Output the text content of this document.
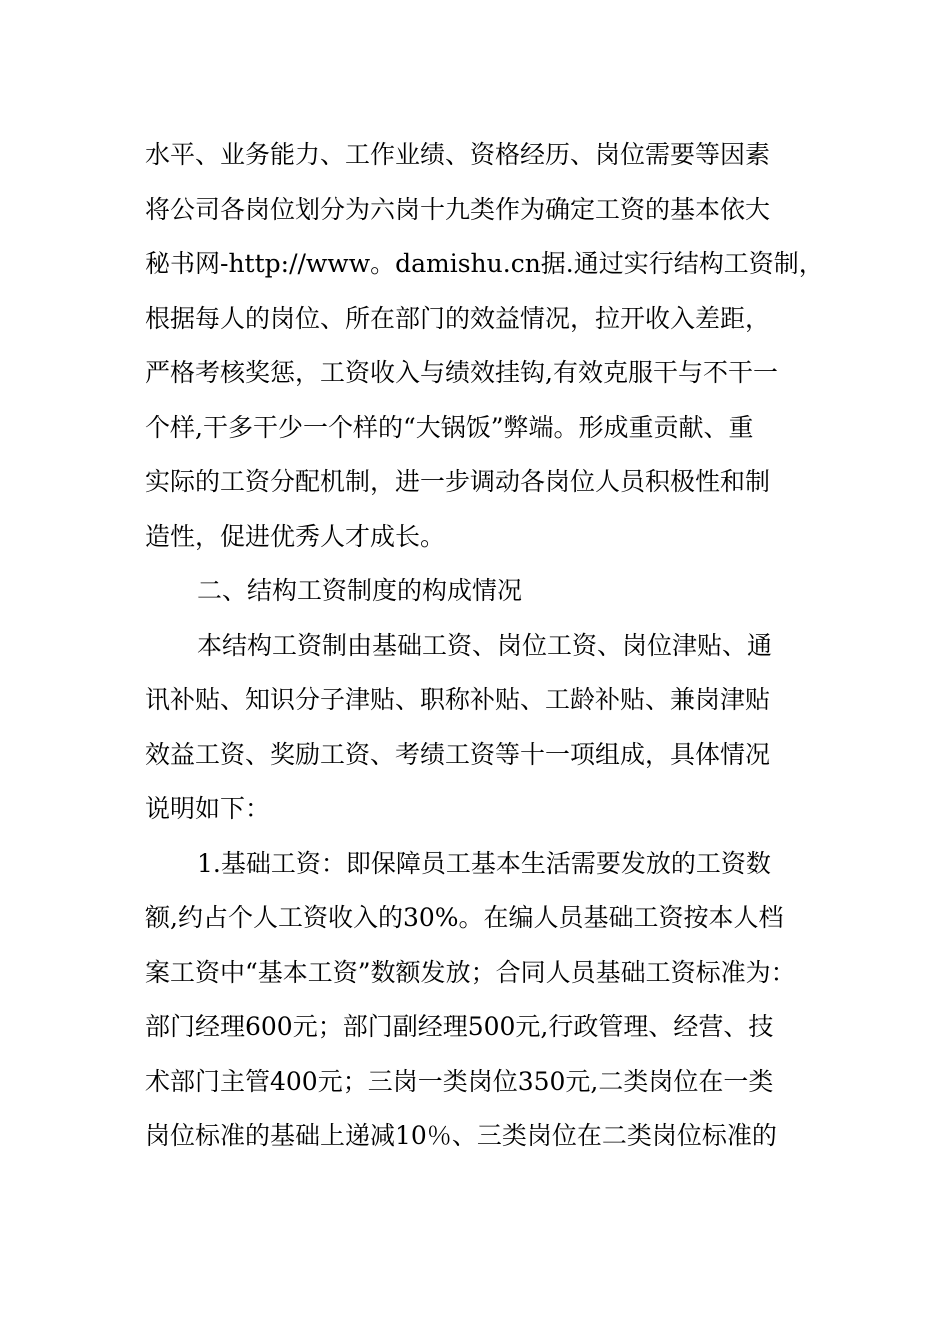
水平、业务能力、工作业绩、资格经历、岗位需要等因素
将公司各岗位划分为六岗十九类作为确定工资的基本依大
秘书网-http://www。damishu.cn据.通过实行结构工资制，
根据每人的岗位、所在部门的效益情况，拉开收入差距，
严格考核奖惩，工资收入与绩效挂钩,有效克服干与不干一
个样,干多干少一个样的“大锅饭”弊端。形成重贡献、重
实际的工资分配机制，进一步调动各岗位人员积极性和制
造性，促进优秀人才成长。
二、结构工资制度的构成情况
本结构工资制由基础工资、岗位工资、岗位津贴、通
讯补贴、知识分子津贴、职称补贴、工龄补贴、兼岗津贴
效益工资、奖励工资、考绩工资等十一项组成，具体情况
说明如下：
1.基础工资：即保障员工基本生活需要发放的工资数
额,约占个人工资收入的30%。在编人员基础工资按本人档
案工资中“基本工资”数额发放；合同人员基础工资标准为：
部门经理600元；部门副经理500元,行政管理、经营、技
术部门主管400元；三岗一类岗位350元,二类岗位在一类
岗位标准的基础上递减10％、三类岗位在二类岗位标准的
